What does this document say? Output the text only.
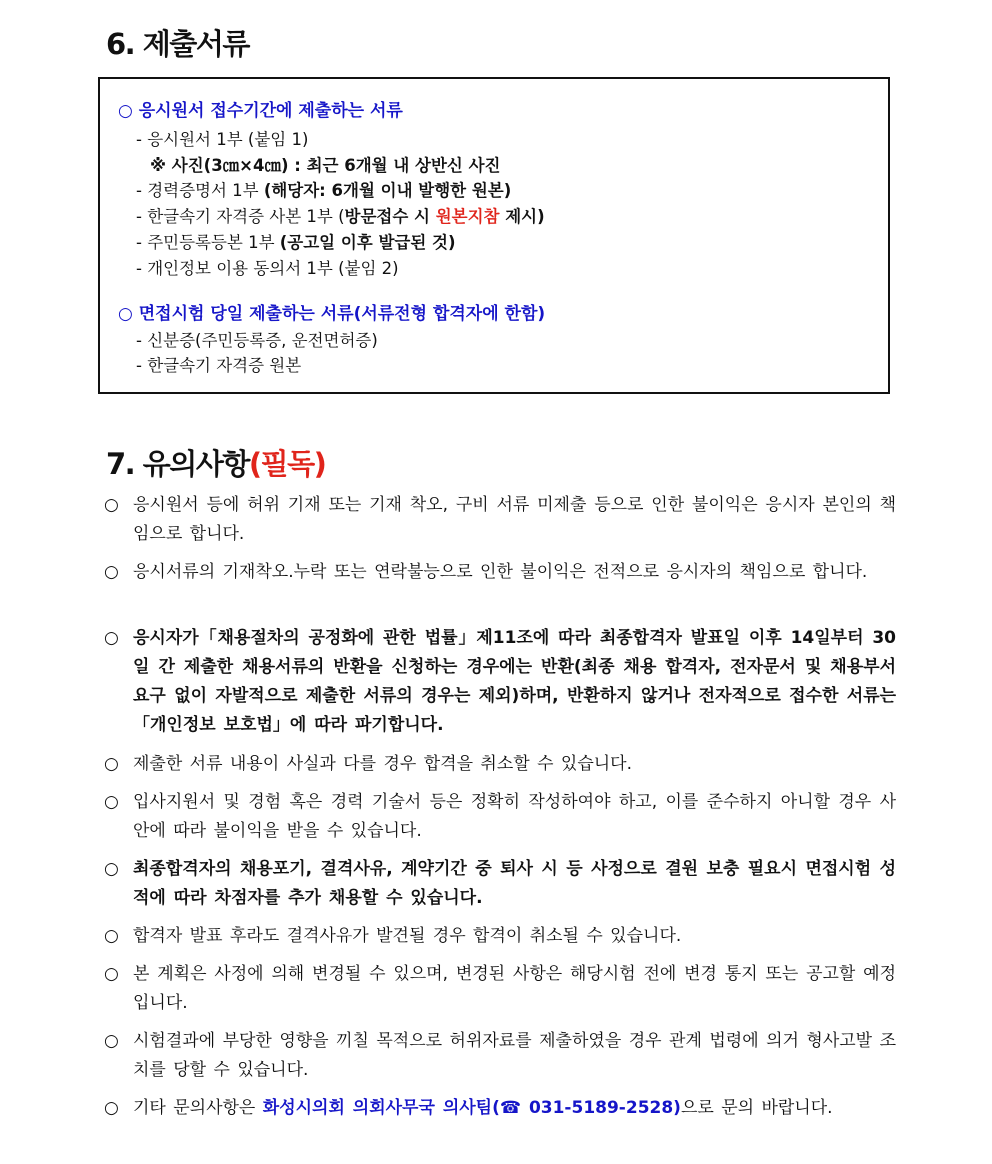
6. 제출서류
○ 응시원서 접수기간에 제출하는 서류
- 응시원서 1부 (붙임 1)
※ 사진(3㎝×4㎝) : 최근 6개월 내 상반신 사진
- 경력증명서 1부 (해당자: 6개월 이내 발행한 원본)
- 한글속기 자격증 사본 1부 (방문접수 시 원본지참 제시)
- 주민등록등본 1부 (공고일 이후 발급된 것)
- 개인정보 이용 동의서 1부 (붙임 2)
○ 면접시험 당일 제출하는 서류(서류전형 합격자에 한함)
- 신분증(주민등록증, 운전면허증)
- 한글속기 자격증 원본
7. 유의사항(필독)
○ 응시원서 등에 허위 기재 또는 기재 착오, 구비 서류 미제출 등으로 인한 불이익은 응시자 본인의 책임으로 합니다.
○ 응시서류의 기재착오.누락 또는 연락불능으로 인한 불이익은 전적으로 응시자의 책임으로 합니다.
○ 응시자가「채용절차의 공정화에 관한 법률」제11조에 따라 최종합격자 발표일 이후 14일부터 30일 간 제출한 채용서류의 반환을 신청하는 경우에는 반환(최종 채용 합격자, 전자문서 및 채용부서 요구 없이 자발적으로 제출한 서류의 경우는 제외)하며, 반환하지 않거나 전자적으로 접수한 서류는「개인정보 보호법」에 따라 파기합니다.
○ 제출한 서류 내용이 사실과 다를 경우 합격을 취소할 수 있습니다.
○ 입사지원서 및 경험 혹은 경력 기술서 등은 정확히 작성하여야 하고, 이를 준수하지 아니할 경우 사안에 따라 불이익을 받을 수 있습니다.
○ 최종합격자의 채용포기, 결격사유, 계약기간 중 퇴사 시 등 사정으로 결원 보충 필요시 면접시험 성적에 따라 차점자를 추가 채용할 수 있습니다.
○ 합격자 발표 후라도 결격사유가 발견될 경우 합격이 취소될 수 있습니다.
○ 본 계획은 사정에 의해 변경될 수 있으며, 변경된 사항은 해당시험 전에 변경 통지 또는 공고할 예정입니다.
○ 시험결과에 부당한 영향을 끼칠 목적으로 허위자료를 제출하였을 경우 관계 법령에 의거 형사고발 조치를 당할 수 있습니다.
○ 기타 문의사항은 화성시의회 의회사무국 의사팀(☎ 031-5189-2528)으로 문의 바랍니다.
